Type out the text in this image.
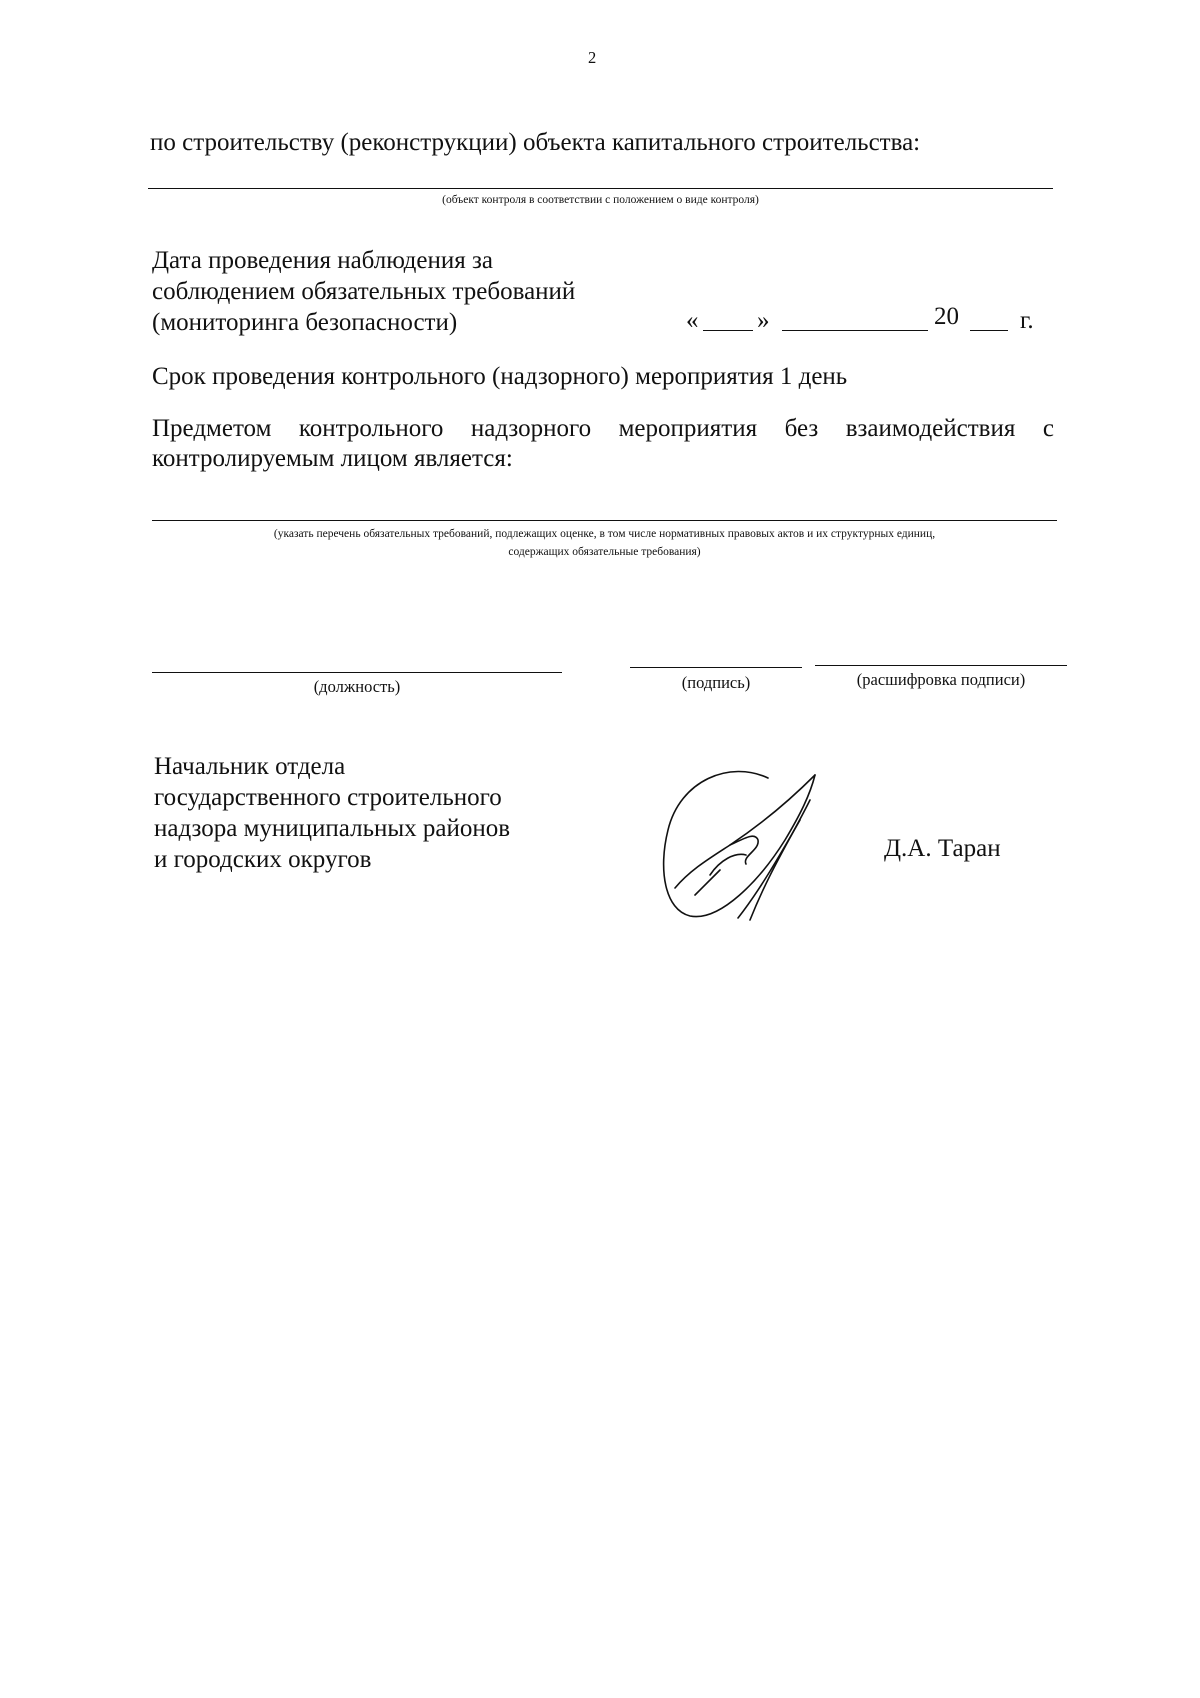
2
по строительству (реконструкции) объекта капитального строительства:
(объект контроля в соответствии с положением о виде контроля)
Дата проведения наблюдения за
соблюдением обязательных требований
(мониторинга безопасности)	« »	20 г.
Срок проведения контрольного (надзорного) мероприятия 1 день
Предметом контрольного надзорного мероприятия без взаимодействия с
контролируемым лицом является:
(указать перечень обязательных требований, подлежащих оценке, в том числе нормативных правовых актов и их структурных единиц,
содержащих обязательные требования)
(должность)	(подпись)	(расшифровка подписи)
Начальник отдела
государственного строительного
надзора муниципальных районов
и городских округов	Д.А. Таран
